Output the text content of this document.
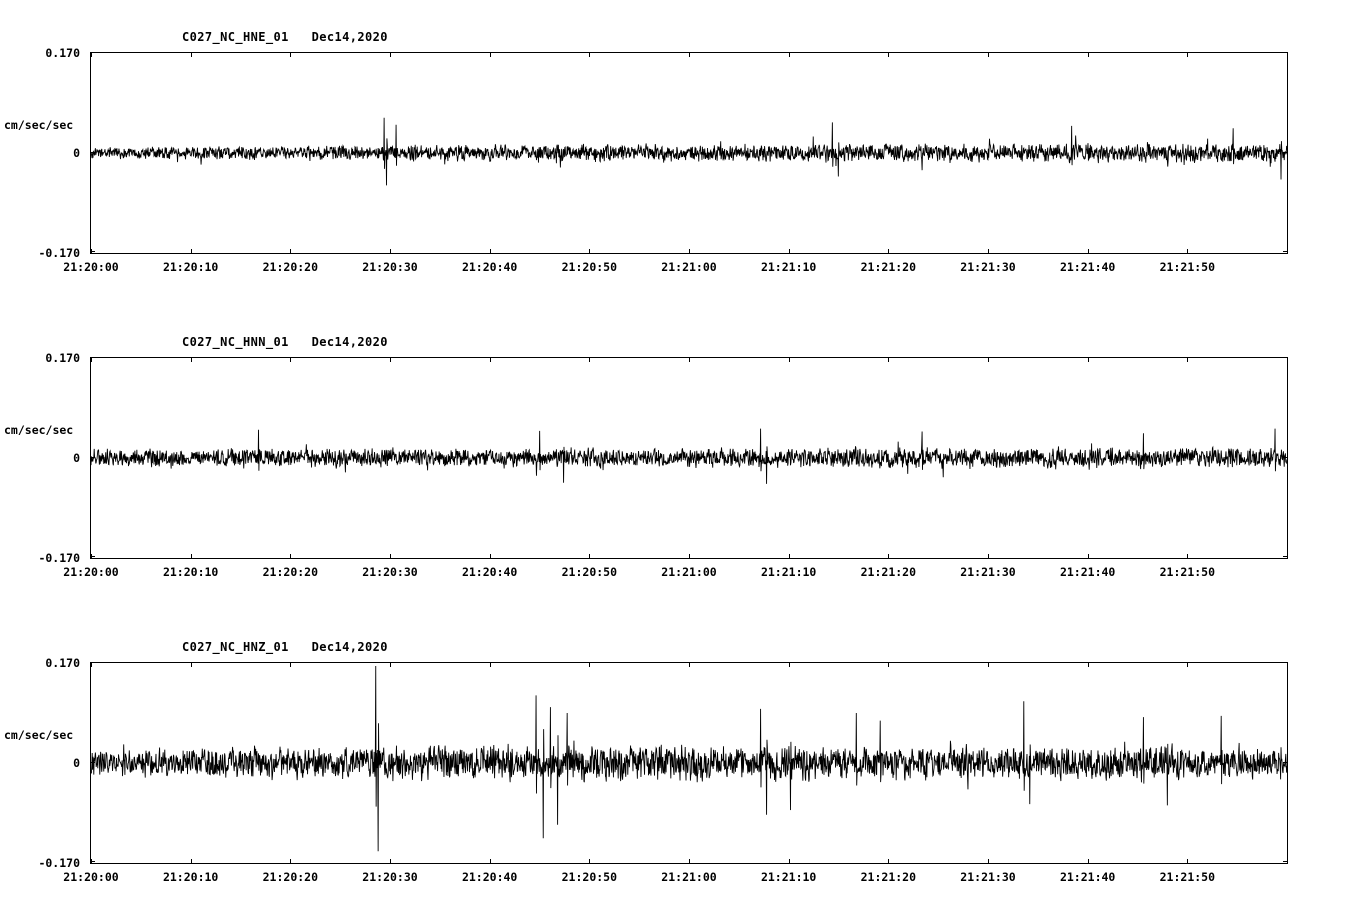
C027_NC_HNE_01   Dec14,2020
cm/sec/sec
0.170
0
-0.170
21:20:00	21:20:10	21:20:20	21:20:30	21:20:40	21:20:50	21:21:00	21:21:10	21:21:20	21:21:30	21:21:40	21:21:50
C027_NC_HNN_01   Dec14,2020
cm/sec/sec
0.170
0
-0.170
21:20:00	21:20:10	21:20:20	21:20:30	21:20:40	21:20:50	21:21:00	21:21:10	21:21:20	21:21:30	21:21:40	21:21:50
C027_NC_HNZ_01   Dec14,2020
cm/sec/sec
0.170
0
-0.170
21:20:00	21:20:10	21:20:20	21:20:30	21:20:40	21:20:50	21:21:00	21:21:10	21:21:20	21:21:30	21:21:40	21:21:50
